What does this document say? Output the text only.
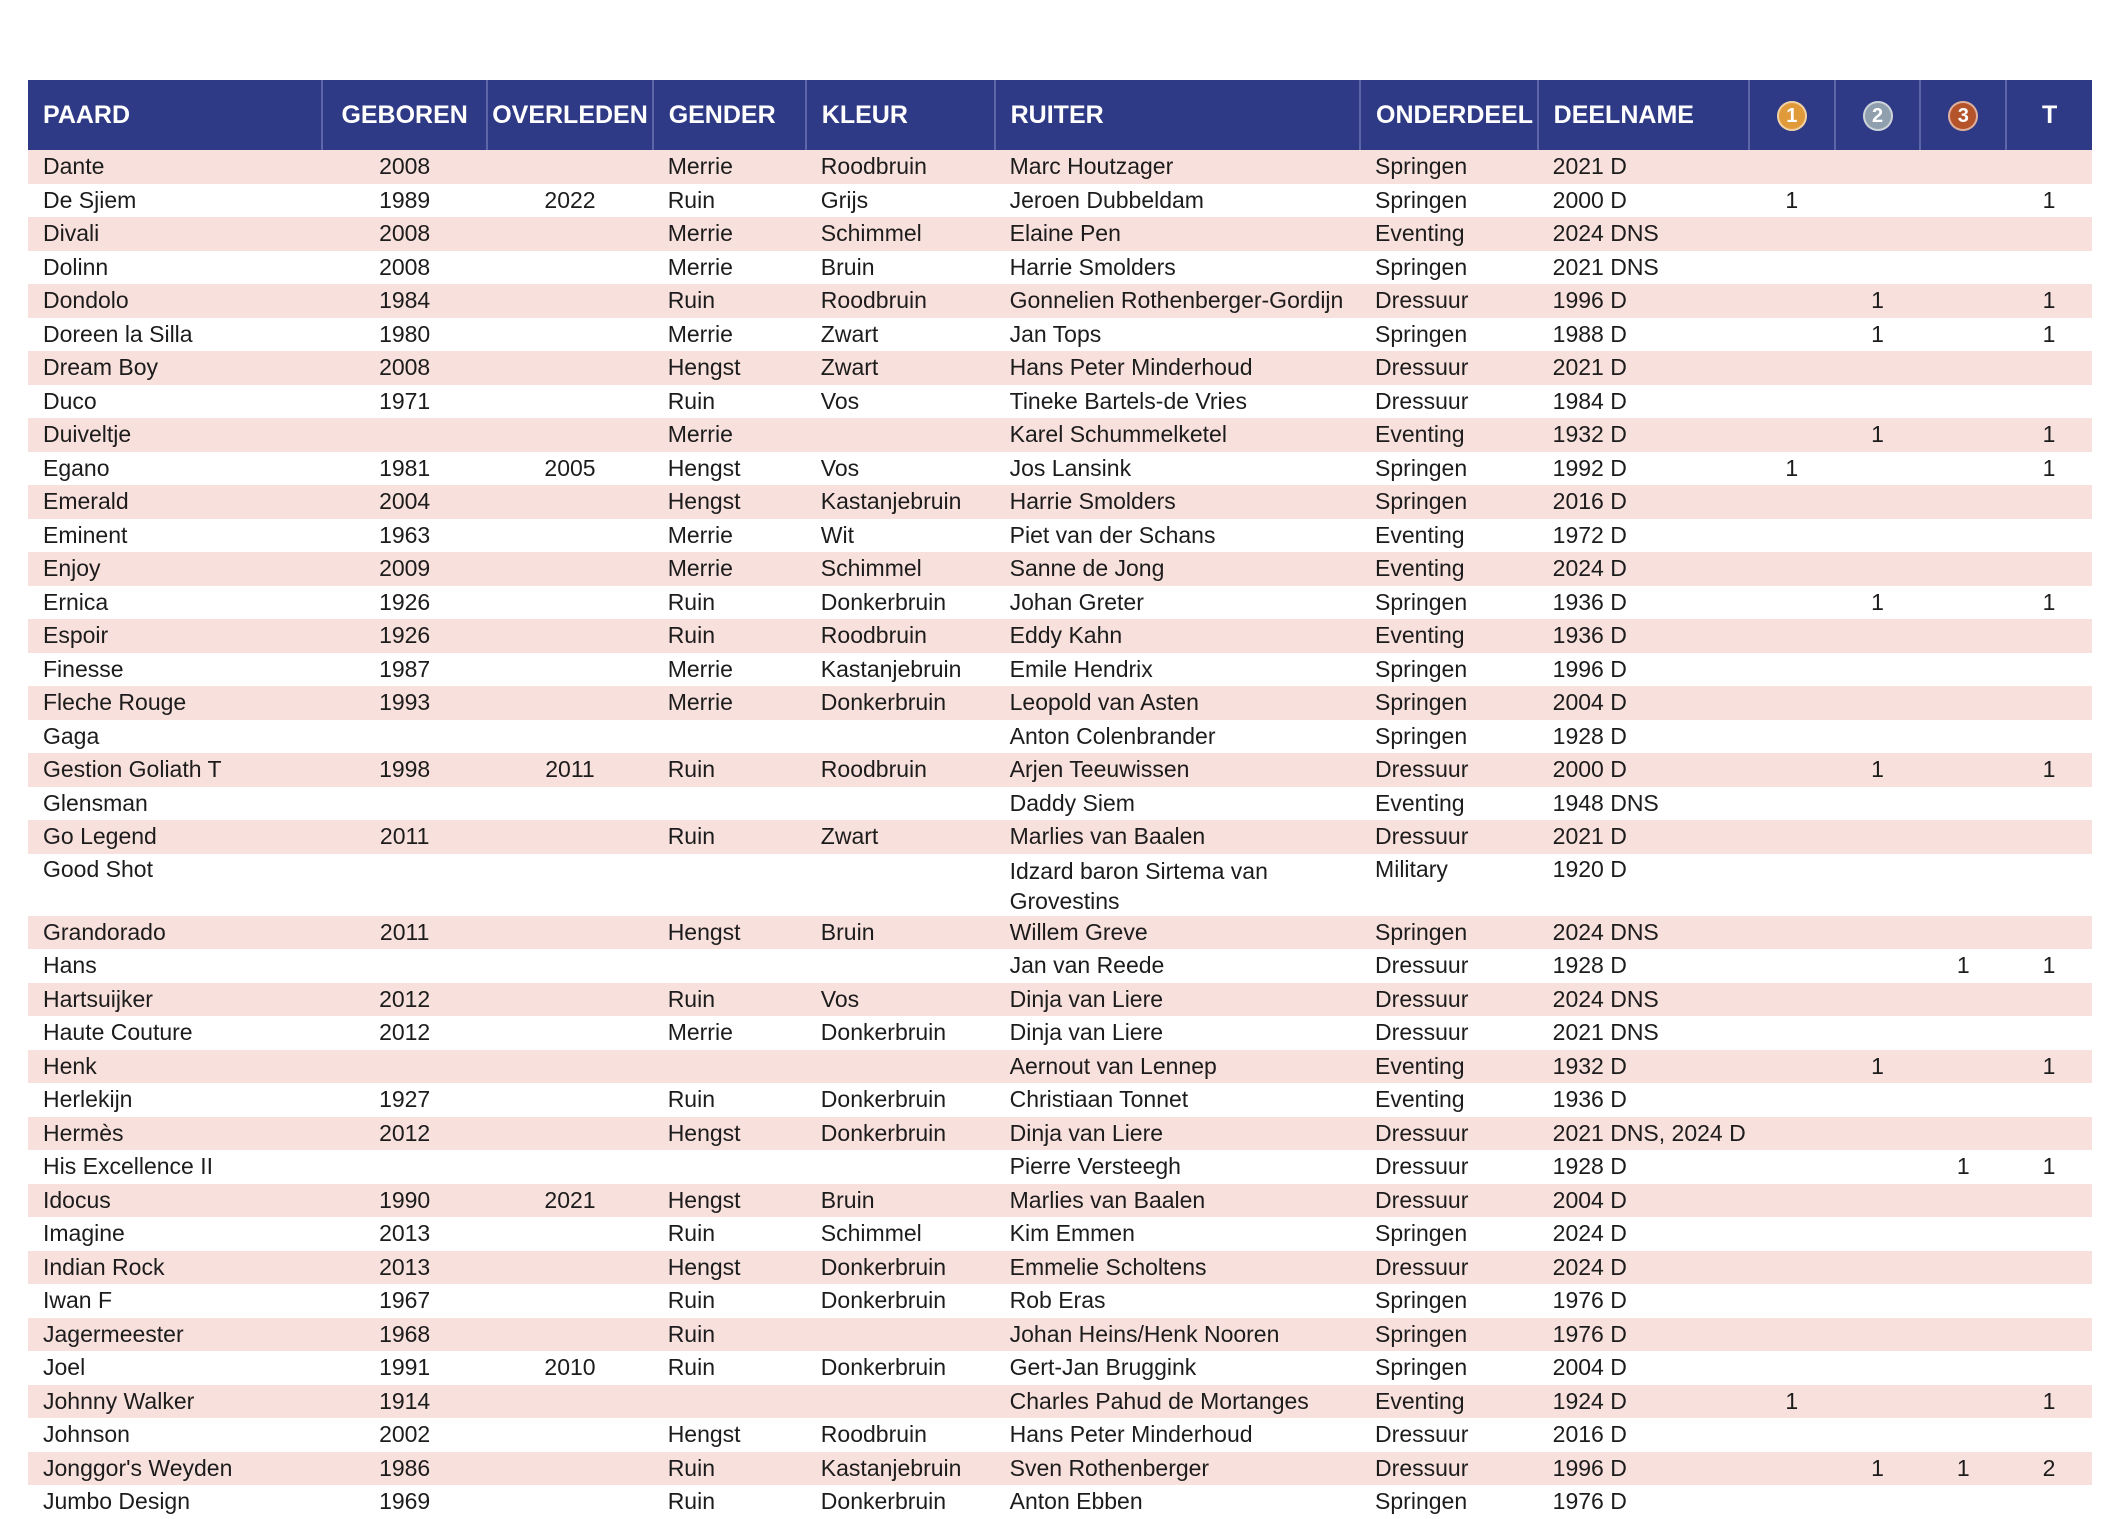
PAARD	GEBOREN	OVERLEDEN	GENDER	KLEUR	RUITER	ONDERDEEL	DEELNAME	1	2	3	T
Dante	2008		Merrie	Roodbruin	Marc Houtzager	Springen	2021 D				
De Sjiem	1989	2022	Ruin	Grijs	Jeroen Dubbeldam	Springen	2000 D	1			1
Divali	2008		Merrie	Schimmel	Elaine Pen	Eventing	2024 DNS				
Dolinn	2008		Merrie	Bruin	Harrie Smolders	Springen	2021 DNS				
Dondolo	1984		Ruin	Roodbruin	Gonnelien Rothenberger-Gordijn	Dressuur	1996 D		1		1
Doreen la Silla	1980		Merrie	Zwart	Jan Tops	Springen	1988 D		1		1
Dream Boy	2008		Hengst	Zwart	Hans Peter Minderhoud	Dressuur	2021 D				
Duco	1971		Ruin	Vos	Tineke Bartels-de Vries	Dressuur	1984 D				
Duiveltje			Merrie		Karel Schummelketel	Eventing	1932 D		1		1
Egano	1981	2005	Hengst	Vos	Jos Lansink	Springen	1992 D	1			1
Emerald	2004		Hengst	Kastanjebruin	Harrie Smolders	Springen	2016 D				
Eminent	1963		Merrie	Wit	Piet van der Schans	Eventing	1972 D				
Enjoy	2009		Merrie	Schimmel	Sanne de Jong	Eventing	2024 D				
Ernica	1926		Ruin	Donkerbruin	Johan Greter	Springen	1936 D		1		1
Espoir	1926		Ruin	Roodbruin	Eddy Kahn	Eventing	1936 D				
Finesse	1987		Merrie	Kastanjebruin	Emile Hendrix	Springen	1996 D				
Fleche Rouge	1993		Merrie	Donkerbruin	Leopold van Asten	Springen	2004 D				
Gaga					Anton Colenbrander	Springen	1928 D				
Gestion Goliath T	1998	2011	Ruin	Roodbruin	Arjen Teeuwissen	Dressuur	2000 D		1		1
Glensman					Daddy Siem	Eventing	1948 DNS				
Go Legend	2011		Ruin	Zwart	Marlies van Baalen	Dressuur	2021 D				
Good Shot					Idzard baron Sirtema van Grovestins	Military	1920 D				
Grandorado	2011		Hengst	Bruin	Willem Greve	Springen	2024 DNS				
Hans					Jan van Reede	Dressuur	1928 D			1	1
Hartsuijker	2012		Ruin	Vos	Dinja van Liere	Dressuur	2024 DNS				
Haute Couture	2012		Merrie	Donkerbruin	Dinja van Liere	Dressuur	2021 DNS				
Henk					Aernout van Lennep	Eventing	1932 D		1		1
Herlekijn	1927		Ruin	Donkerbruin	Christiaan Tonnet	Eventing	1936 D				
Hermès	2012		Hengst	Donkerbruin	Dinja van Liere	Dressuur	2021 DNS, 2024 D				
His Excellence II					Pierre Versteegh	Dressuur	1928 D			1	1
Idocus	1990	2021	Hengst	Bruin	Marlies van Baalen	Dressuur	2004 D				
Imagine	2013		Ruin	Schimmel	Kim Emmen	Springen	2024 D				
Indian Rock	2013		Hengst	Donkerbruin	Emmelie Scholtens	Dressuur	2024 D				
Iwan F	1967		Ruin	Donkerbruin	Rob Eras	Springen	1976 D				
Jagermeester	1968		Ruin		Johan Heins/Henk Nooren	Springen	1976 D				
Joel	1991	2010	Ruin	Donkerbruin	Gert-Jan Bruggink	Springen	2004 D				
Johnny Walker	1914				Charles Pahud de Mortanges	Eventing	1924 D	1			1
Johnson	2002		Hengst	Roodbruin	Hans Peter Minderhoud	Dressuur	2016 D				
Jonggor's Weyden	1986		Ruin	Kastanjebruin	Sven Rothenberger	Dressuur	1996 D		1	1	2
Jumbo Design	1969		Ruin	Donkerbruin	Anton Ebben	Springen	1976 D				
